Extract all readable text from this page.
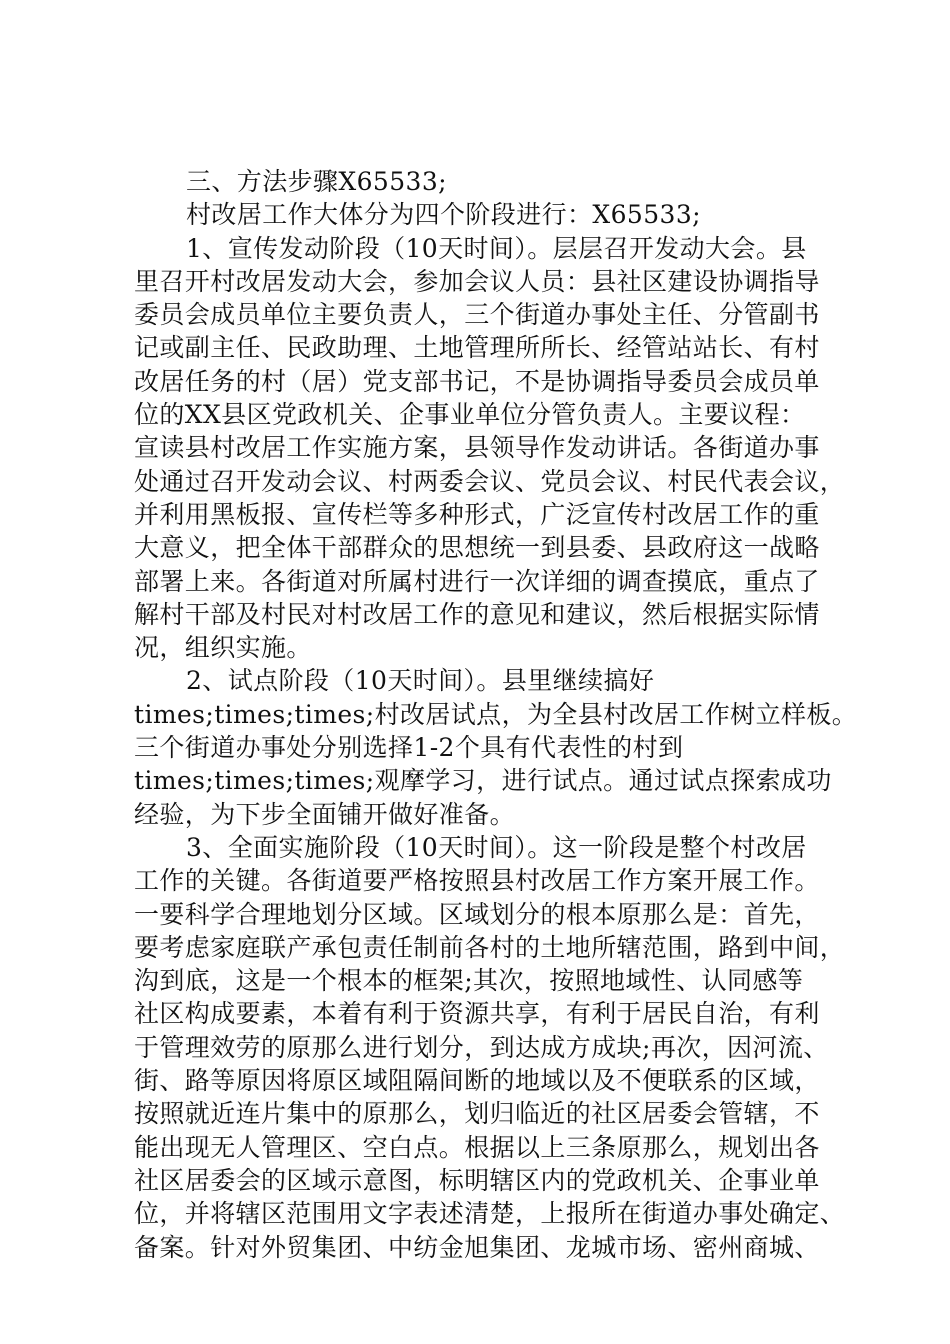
三、方法步骤X65533;
村改居工作大体分为四个阶段进行：X65533;
1、宣传发动阶段（10天时间）。层层召开发动大会。县
里召开村改居发动大会，参加会议人员：县社区建设协调指导
委员会成员单位主要负责人，三个街道办事处主任、分管副书
记或副主任、民政助理、土地管理所所长、经管站站长、有村
改居任务的村（居）党支部书记，不是协调指导委员会成员单
位的XX县区党政机关、企事业单位分管负责人。主要议程：
宣读县村改居工作实施方案，县领导作发动讲话。各街道办事
处通过召开发动会议、村两委会议、党员会议、村民代表会议，
并利用黑板报、宣传栏等多种形式，广泛宣传村改居工作的重
大意义，把全体干部群众的思想统一到县委、县政府这一战略
部署上来。各街道对所属村进行一次详细的调查摸底，重点了
解村干部及村民对村改居工作的意见和建议，然后根据实际情
况，组织实施。
2、试点阶段（10天时间）。县里继续搞好
times;times;times;村改居试点，为全县村改居工作树立样板。
三个街道办事处分别选择1-2个具有代表性的村到
times;times;times;观摩学习，进行试点。通过试点探索成功
经验，为下步全面铺开做好准备。
3、全面实施阶段（10天时间）。这一阶段是整个村改居
工作的关键。各街道要严格按照县村改居工作方案开展工作。
一要科学合理地划分区域。区域划分的根本原那么是：首先，
要考虑家庭联产承包责任制前各村的土地所辖范围，路到中间，
沟到底，这是一个根本的框架;其次，按照地域性、认同感等
社区构成要素，本着有利于资源共享，有利于居民自治，有利
于管理效劳的原那么进行划分，到达成方成块;再次，因河流、
街、路等原因将原区域阻隔间断的地域以及不便联系的区域，
按照就近连片集中的原那么，划归临近的社区居委会管辖，不
能出现无人管理区、空白点。根据以上三条原那么，规划出各
社区居委会的区域示意图，标明辖区内的党政机关、企事业单
位，并将辖区范围用文字表述清楚，上报所在街道办事处确定、
备案。针对外贸集团、中纺金旭集团、龙城市场、密州商城、
